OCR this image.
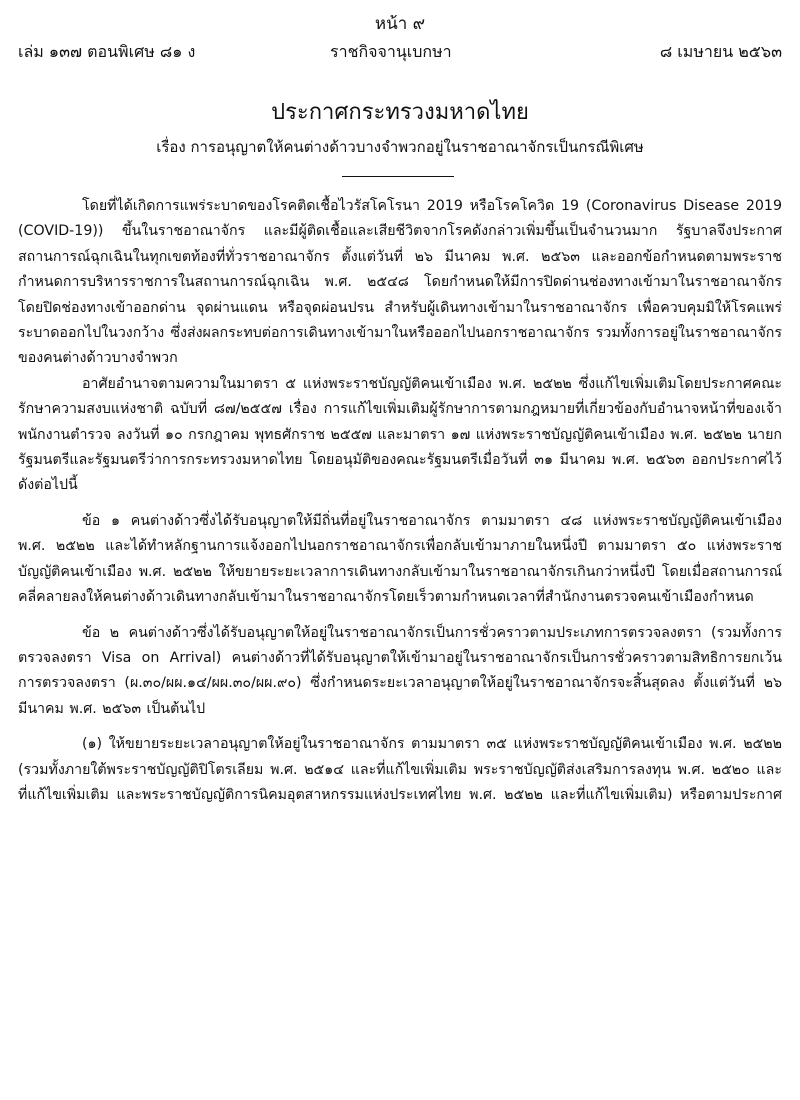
หน้า ๙
เล่ม ๑๓๗ ตอนพิเศษ ๘๑ ง	ราชกิจจานุเบกษา	๘ เมษายน ๒๕๖๓
ประกาศกระทรวงมหาดไทย
เรื่อง การอนุญาตให้คนต่างด้าวบางจำพวกอยู่ในราชอาณาจักรเป็นกรณีพิเศษ

โดยที่ได้เกิดการแพร่ระบาดของโรคติดเชื้อไวรัสโคโรนา 2019 หรือโรคโควิด 19 (Coronavirus Disease 2019 (COVID-19)) ขึ้นในราชอาณาจักร และมีผู้ติดเชื้อและเสียชีวิตจากโรคดังกล่าวเพิ่มขึ้นเป็นจำนวนมาก รัฐบาลจึงประกาศสถานการณ์ฉุกเฉินในทุกเขตท้องที่ทั่วราชอาณาจักร ตั้งแต่วันที่ ๒๖ มีนาคม พ.ศ. ๒๕๖๓ และออกข้อกำหนดตามพระราชกำหนดการบริหารราชการในสถานการณ์ฉุกเฉิน พ.ศ. ๒๕๔๘ โดยกำหนดให้มีการปิดด่านช่องทางเข้ามาในราชอาณาจักร โดยปิดช่องทางเข้าออกด่าน จุดผ่านแดน หรือจุดผ่อนปรน สำหรับผู้เดินทางเข้ามาในราชอาณาจักร เพื่อควบคุมมิให้โรคแพร่ระบาดออกไปในวงกว้าง ซึ่งส่งผลกระทบต่อการเดินทางเข้ามาในหรือออกไปนอกราชอาณาจักร รวมทั้งการอยู่ในราชอาณาจักรของคนต่างด้าวบางจำพวก

อาศัยอำนาจตามความในมาตรา ๕ แห่งพระราชบัญญัติคนเข้าเมือง พ.ศ. ๒๕๒๒ ซึ่งแก้ไขเพิ่มเติมโดยประกาศคณะรักษาความสงบแห่งชาติ ฉบับที่ ๘๗/๒๕๕๗ เรื่อง การแก้ไขเพิ่มเติมผู้รักษาการตามกฎหมายที่เกี่ยวข้องกับอำนาจหน้าที่ของเจ้าพนักงานตำรวจ ลงวันที่ ๑๐ กรกฎาคม พุทธศักราช ๒๕๕๗ และมาตรา ๑๗ แห่งพระราชบัญญัติคนเข้าเมือง พ.ศ. ๒๕๒๒ นายกรัฐมนตรีและรัฐมนตรีว่าการกระทรวงมหาดไทย โดยอนุมัติของคณะรัฐมนตรีเมื่อวันที่ ๓๑ มีนาคม พ.ศ. ๒๕๖๓ ออกประกาศไว้ดังต่อไปนี้

ข้อ ๑ คนต่างด้าวซึ่งได้รับอนุญาตให้มีถิ่นที่อยู่ในราชอาณาจักร ตามมาตรา ๔๘ แห่งพระราชบัญญัติคนเข้าเมือง พ.ศ. ๒๕๒๒ และได้ทำหลักฐานการแจ้งออกไปนอกราชอาณาจักรเพื่อกลับเข้ามาภายในหนึ่งปี ตามมาตรา ๕๐ แห่งพระราชบัญญัติคนเข้าเมือง พ.ศ. ๒๕๒๒ ให้ขยายระยะเวลาการเดินทางกลับเข้ามาในราชอาณาจักรเกินกว่าหนึ่งปี โดยเมื่อสถานการณ์คลี่คลายลงให้คนต่างด้าวเดินทางกลับเข้ามาในราชอาณาจักรโดยเร็วตามกำหนดเวลาที่สำนักงานตรวจคนเข้าเมืองกำหนด

ข้อ ๒ คนต่างด้าวซึ่งได้รับอนุญาตให้อยู่ในราชอาณาจักรเป็นการชั่วคราวตามประเภทการตรวจลงตรา (รวมทั้งการตรวจลงตรา Visa on Arrival) คนต่างด้าวที่ได้รับอนุญาตให้เข้ามาอยู่ในราชอาณาจักรเป็นการชั่วคราวตามสิทธิการยกเว้นการตรวจลงตรา (ผ.๓๐/ผผ.๑๔/ผผ.๓๐/ผผ.๙๐) ซึ่งกำหนดระยะเวลาอนุญาตให้อยู่ในราชอาณาจักรจะสิ้นสุดลง ตั้งแต่วันที่ ๒๖ มีนาคม พ.ศ. ๒๕๖๓ เป็นต้นไป

(๑) ให้ขยายระยะเวลาอนุญาตให้อยู่ในราชอาณาจักร ตามมาตรา ๓๕ แห่งพระราชบัญญัติคนเข้าเมือง พ.ศ. ๒๕๒๒ (รวมทั้งภายใต้พระราชบัญญัติปิโตรเลียม พ.ศ. ๒๕๑๔ และที่แก้ไขเพิ่มเติม พระราชบัญญัติส่งเสริมการลงทุน พ.ศ. ๒๕๒๐ และที่แก้ไขเพิ่มเติม และพระราชบัญญัติการนิคมอุตสาหกรรมแห่งประเทศไทย พ.ศ. ๒๕๒๒ และที่แก้ไขเพิ่มเติม) หรือตามประกาศ
